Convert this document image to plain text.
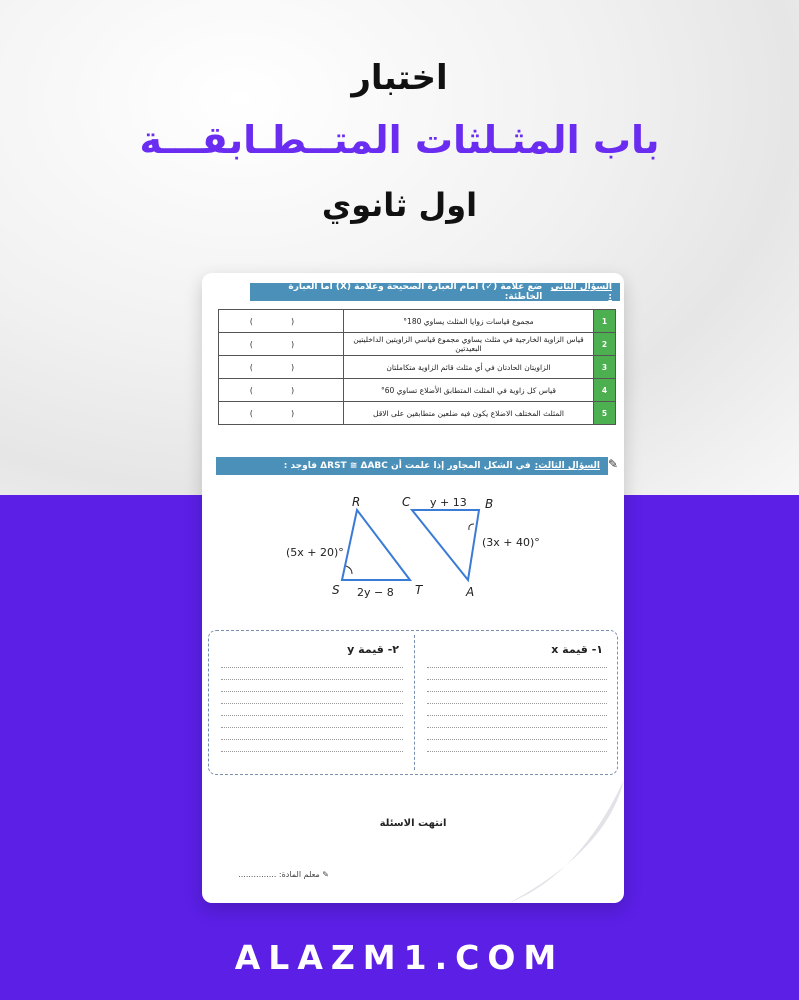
اختبار
باب المثـلثات المتــطـابقـــة
اول ثانوي
السؤال الثاني :
ضع علامة (✓) امام العبارة الصحيحة وعلامة (X) اما العبارة الخاطئة:
1	مجموع قياسات زوايا المثلث يساوي 180°	( )
2	قياس الزاوية الخارجية في مثلث يساوي مجموع قياسي الزاويتين الداخليتين البعيدتين	( )
3	الزاويتان الحادتان في أي مثلث قائم الزاوية متكاملتان	( )
4	قياس كل زاوية في المثلث المتطابق الأضلاع تساوي 60°	( )
5	المثلث المختلف الاضلاع يكون فيه ضلعين متطابقين على الاقل	( )
السؤال الثالث:
في الشكل المجاور إذا علمت أن ΔRST ≅ ΔABC فاوجد :	✎
R
S	T
C	B
A
(5x + 20)°
2y − 8
y + 13
(3x + 40)°
١- قيمة x
٢- قيمة y
انتهت الاسئلة
✎ معلم المادة: ...............
ALAZM1.COM
